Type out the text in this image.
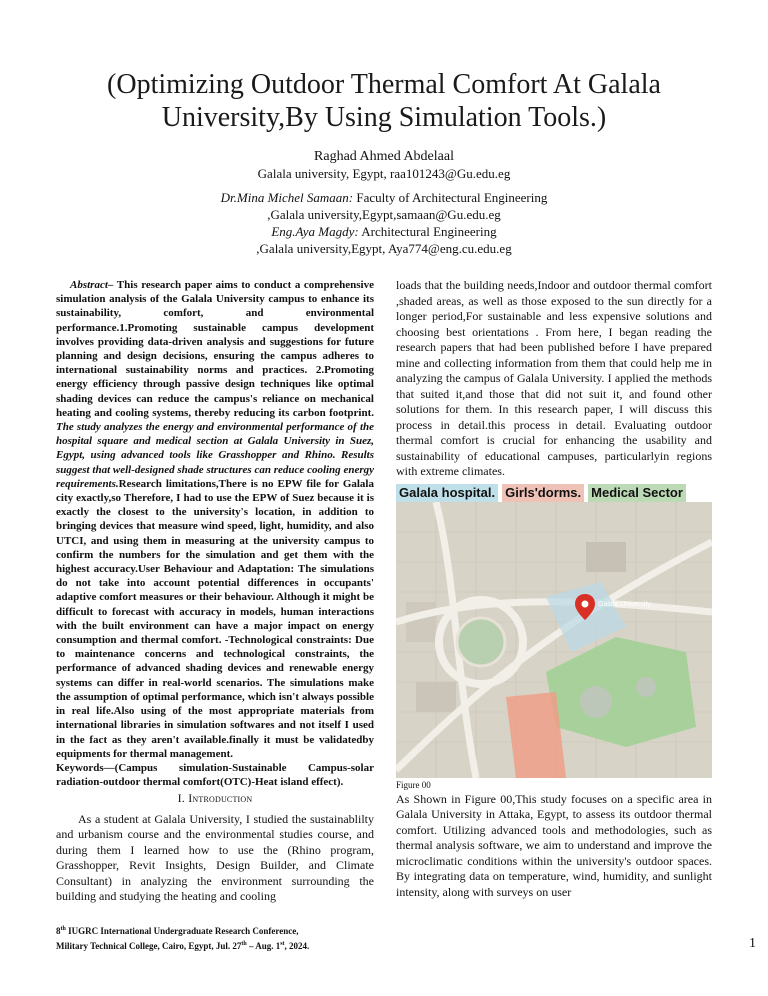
(Optimizing Outdoor Thermal Comfort At Galala University,By Using Simulation Tools.)
Raghad Ahmed Abdelaal
Galala university, Egypt, raa101243@Gu.edu.eg
Dr.Mina Michel Samaan: Faculty of Architectural Engineering
,Galala university,Egypt,samaan@Gu.edu.eg
Eng.Aya Magdy: Architectural Engineering
,Galala university,Egypt, Aya774@eng.cu.edu.eg

Abstract– This research paper aims to conduct a comprehensive simulation analysis of the Galala University campus to enhance its sustainability, comfort, and environmental performance.1.Promoting sustainable campus development involves providing data-driven analysis and suggestions for future planning and design decisions, ensuring the campus adheres to international sustainability norms and practices. 2.Promoting energy efficiency through passive design techniques like optimal shading devices can reduce the campus's reliance on mechanical heating and cooling systems, thereby reducing its carbon footprint. The study analyzes the energy and environmental performance of the hospital square and medical section at Galala University in Suez, Egypt, using advanced tools like Grasshopper and Rhino. Results suggest that well-designed shade structures can reduce cooling energy requirements.Research limitations,There is no EPW file for Galala city exactly,so Therefore, I had to use the EPW of Suez because it is exactly the closest to the university's location, in addition to bringing devices that measure wind speed, light, humidity, and also UTCI, and using them in measuring at the university campus to confirm the numbers for the simulation and get them with the highest accuracy.User Behaviour and Adaptation: The simulations do not take into account potential differences in occupants' adaptive comfort measures or their behaviour. Although it might be difficult to forecast with accuracy in models, human interactions with the built environment can have a major impact on energy consumption and thermal comfort. -Technological constraints: Due to maintenance concerns and technological constraints, the performance of advanced shading devices and renewable energy systems can differ in real-world scenarios. The simulations make the assumption of optimal performance, which isn't always possible in real life.Also using of the most appropriate materials from international libraries in simulation softwares and not itself I used in the fact as they aren't available.finally it must be validatedby equipments for thermal management.

Keywords—(Campus simulation-Sustainable Campus-solar radiation-outdoor thermal comfort(OTC)-Heat island effect).

I. Introduction

As a student at Galala University, I studied the sustainablilty and urbanism course and the environmental studies course, and during them I learned how to use the (Rhino program, Grasshopper, Revit Insights, Design Builder, and Climate Consultant) in analyzing the environment surrounding the building and studying the heating and cooling

loads that the building needs,Indoor and outdoor thermal comfort ,shaded areas, as well as those exposed to the sun directly for a longer period,For sustainable and less expensive solutions and choosing best orientations . From here, I began reading the research papers that had been published before I have prepared mine and collecting information from them that could help me in analyzing the campus of Galala University. I applied the methods that suited it,and those that did not suit it, and found other solutions for them. In this research paper, I will discuss this process in detail.this process in detail. Evaluating outdoor thermal comfort is crucial for enhancing the usability and sustainability of educational campuses, particularlyin regions with extreme climates.

Galala hospital. Girls'dorms. Medical Sector
Galala University
Figure 00

As Shown in Figure 00,This study focuses on a specific area in Galala University in Attaka, Egypt, to assess its outdoor thermal comfort. Utilizing advanced tools and methodologies, such as thermal analysis software, we aim to understand and improve the microclimatic conditions within the university's outdoor spaces. By integrating data on temperature, wind, humidity, and sunlight intensity, along with surveys on user

8th IUGRC International Undergraduate Research Conference,
Military Technical College, Cairo, Egypt, Jul. 27th – Aug. 1st, 2024.	1
